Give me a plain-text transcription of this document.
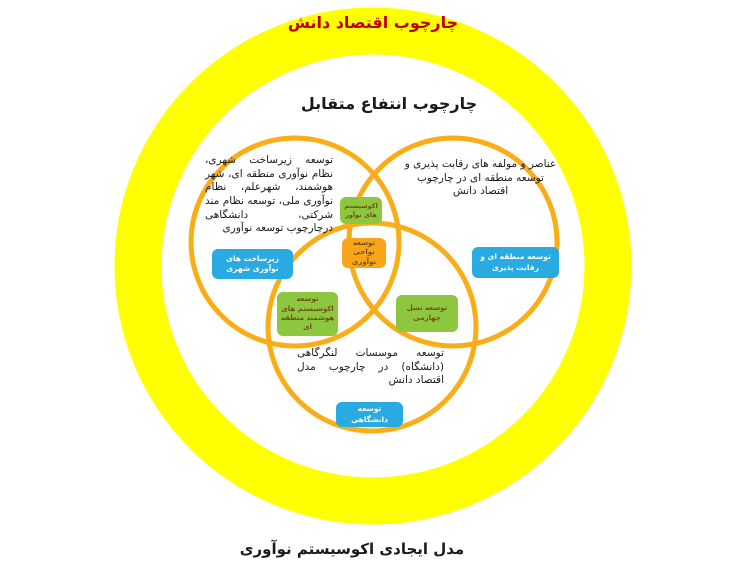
چارچوب اقتصاد دانش
چارچوب انتفاع متقابل
توسعه زیرساخت شهری، نظام نوآوری منطقه ای، شهر هوشمند، شهرعلم، نظام نوآوری ملی، توسعه نظام مند شرکتی، دانشگاهی درچارچوب توسعه نوآوری
عناصر و مولفه های رقابت پذیری و توسعه منطقه ای در چارچوب اقتصاد دانش
توسعه موسسات لنگرگاهی (دانشگاه) در چارچوب مدل اقتصاد دانش
اکوسیستم های نوآور
توسعه نواحی نوآوری
زیرساخت های نوآوری شهری
توسعه منطقه ای و رقابت پذیری
توسعه اکوسیستم های هوشمند منطقه ای
توسعه نسل چهارمی
توسعه دانشگاهی
مدل ایجادی اکوسیستم نوآوری
